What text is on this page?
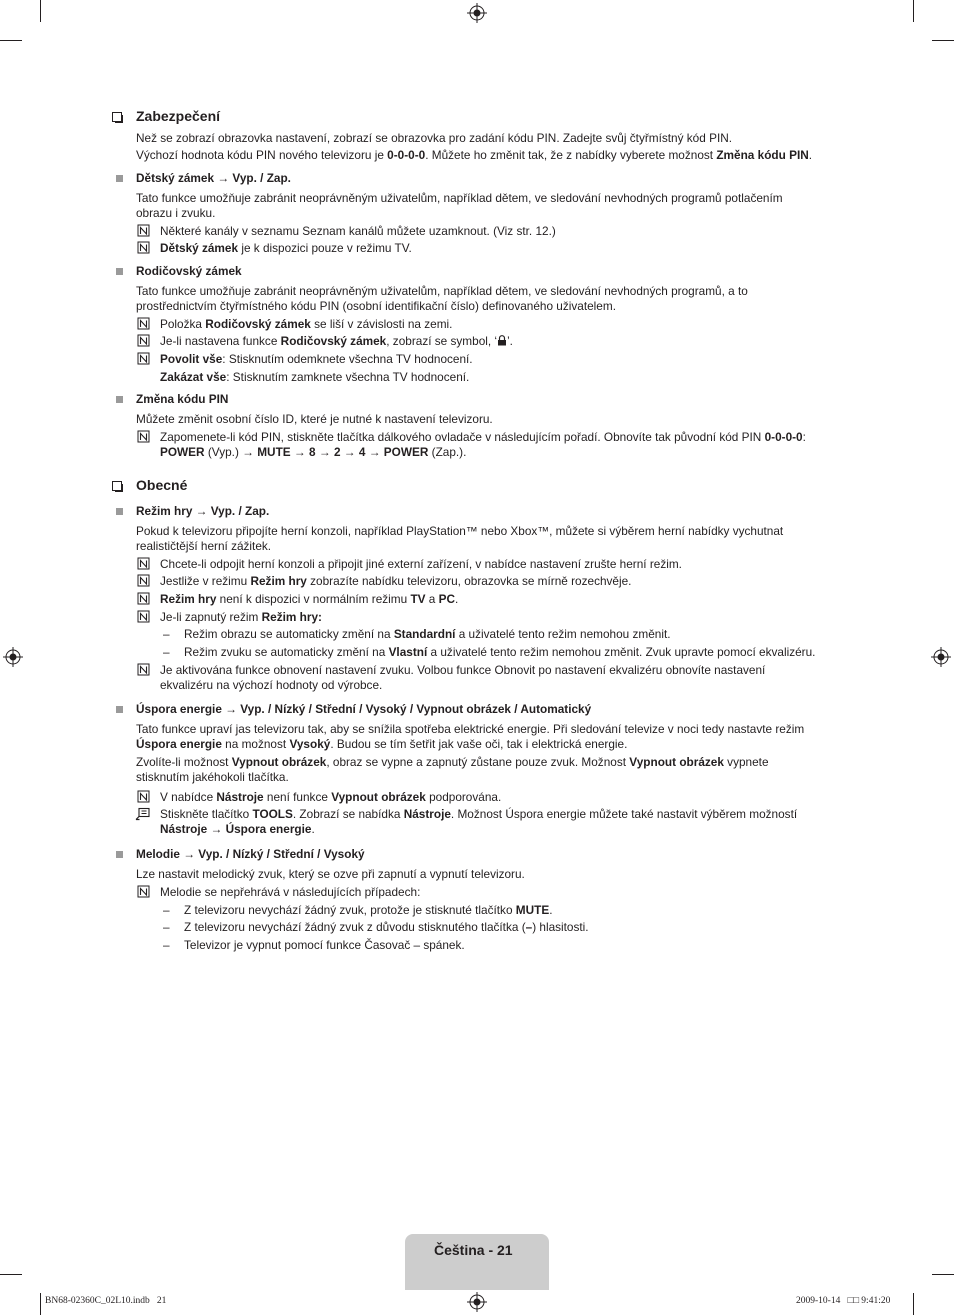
Zabezpečení
Než se zobrazí obrazovka nastavení, zobrazí se obrazovka pro zadání kódu PIN. Zadejte svůj čtyřmístný kód PIN.
Výchozí hodnota kódu PIN nového televizoru je 0-0-0-0. Můžete ho změnit tak, že z nabídky vyberete možnost Změna kódu PIN.
Dětský zámek → Vyp. / Zap.
Tato funkce umožňuje zabránit neoprávněným uživatelům, například dětem, ve sledování nevhodných programů potlačením
obrazu i zvuku.
Některé kanály v seznamu Seznam kanálů můžete uzamknout. (Viz str. 12.)
Dětský zámek je k dispozici pouze v režimu TV.
Rodičovský zámek
Tato funkce umožňuje zabránit neoprávněným uživatelům, například dětem, ve sledování nevhodných programů, a to
prostřednictvím čtyřmístného kódu PIN (osobní identifikační číslo) definovaného uživatelem.
Položka Rodičovský zámek se liší v závislosti na zemi.
Je-li nastavena funkce Rodičovský zámek, zobrazí se symbol, ‘ ’.
Povolit vše: Stisknutím odemknete všechna TV hodnocení.
Zakázat vše: Stisknutím zamknete všechna TV hodnocení.
Změna kódu PIN
Můžete změnit osobní číslo ID, které je nutné k nastavení televizoru.
Zapomenete-li kód PIN, stiskněte tlačítka dálkového ovladače v následujícím pořadí. Obnovíte tak původní kód PIN 0-0-0-0:
POWER (Vyp.) → MUTE → 8 → 2 → 4 → POWER (Zap.).
Obecné
Režim hry → Vyp. / Zap.
Pokud k televizoru připojíte herní konzoli, například PlayStation™ nebo Xbox™, můžete si výběrem herní nabídky vychutnat
realističtější herní zážitek.
Chcete-li odpojit herní konzoli a připojit jiné externí zařízení, v nabídce nastavení zrušte herní režim.
Jestliže v režimu Režim hry zobrazíte nabídku televizoru, obrazovka se mírně rozechvěje.
Režim hry není k dispozici v normálním režimu TV a PC.
Je-li zapnutý režim Režim hry:
– Režim obrazu se automaticky změní na Standardní a uživatelé tento režim nemohou změnit.
– Režim zvuku se automaticky změní na Vlastní a uživatelé tento režim nemohou změnit. Zvuk upravte pomocí ekvalizéru.
Je aktivována funkce obnovení nastavení zvuku. Volbou funkce Obnovit po nastavení ekvalizéru obnovíte nastavení
ekvalizéru na výchozí hodnoty od výrobce.
Úspora energie → Vyp. / Nízký / Střední / Vysoký / Vypnout obrázek / Automatický
Tato funkce upraví jas televizoru tak, aby se snížila spotřeba elektrické energie. Při sledování televize v noci tedy nastavte režim
Úspora energie na možnost Vysoký. Budou se tím šetřit jak vaše oči, tak i elektrická energie.
Zvolíte-li možnost Vypnout obrázek, obraz se vypne a zapnutý zůstane pouze zvuk. Možnost Vypnout obrázek vypnete
stisknutím jakéhokoli tlačítka.
V nabídce Nástroje není funkce Vypnout obrázek podporována.
Stiskněte tlačítko TOOLS. Zobrazí se nabídka Nástroje. Možnost Úspora energie můžete také nastavit výběrem možností
Nástroje → Úspora energie.
Melodie → Vyp. / Nízký / Střední / Vysoký
Lze nastavit melodický zvuk, který se ozve při zapnutí a vypnutí televizoru.
Melodie se nepřehrává v následujících případech:
– Z televizoru nevychází žádný zvuk, protože je stisknuté tlačítko MUTE.
– Z televizoru nevychází žádný zvuk z důvodu stisknutého tlačítka (–) hlasitosti.
– Televizor je vypnut pomocí funkce Časovač – spánek.
Čeština - 21
BN68-02360C_02L10.indb   21	2009-10-14   □□ 9:41:20
